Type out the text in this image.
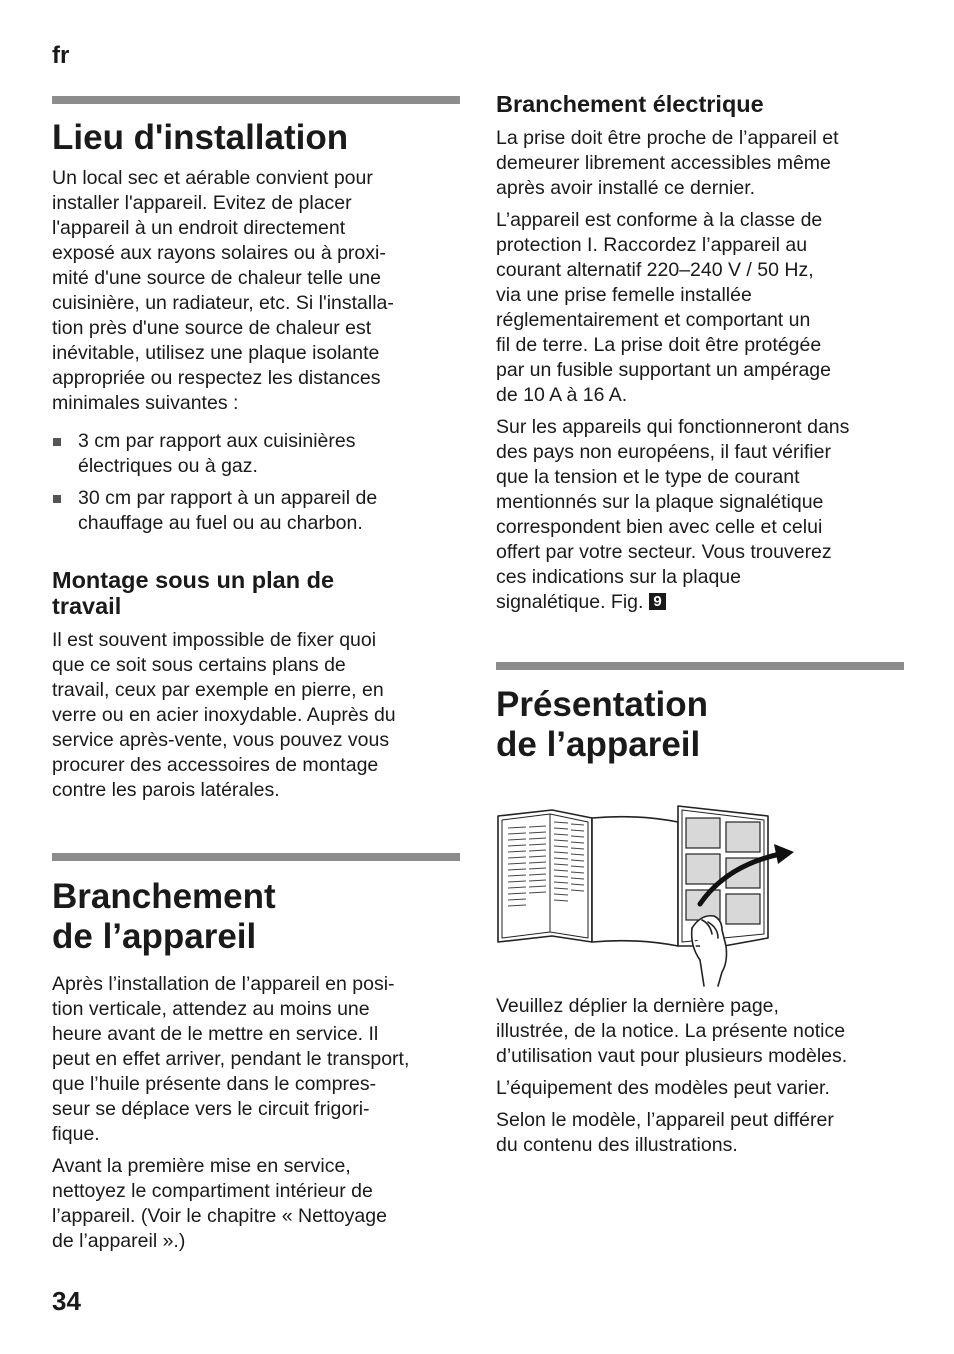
fr
Lieu d'installation

Un local sec et aérable convient pour

installer l'appareil. Evitez de placer

l'appareil à un endroit directement

exposé aux rayons solaires ou à proxi-

mité d'une source de chaleur telle une

cuisinière, un radiateur, etc. Si l'installa-

tion près d'une source de chaleur est

inévitable, utilisez une plaque isolante

appropriée ou respectez les distances

minimales suivantes :

3 cm par rapport aux cuisinières
électriques ou à gaz.
30 cm par rapport à un appareil de
chauffage au fuel ou au charbon.
Montage sous un plan de
travail

Il est souvent impossible de fixer quoi

que ce soit sous certains plans de

travail, ceux par exemple en pierre, en

verre ou en acier inoxydable. Auprès du

service après-vente, vous pouvez vous

procurer des accessoires de montage

contre les parois latérales.

Branchement
de l’appareil

Après l’installation de l’appareil en posi-

tion verticale, attendez au moins une

heure avant de le mettre en service. Il

peut en effet arriver, pendant le transport,

que l’huile présente dans le compres-

seur se déplace vers le circuit frigori-

fique.

Avant la première mise en service,

nettoyez le compartiment intérieur de

l’appareil. (Voir le chapitre « Nettoyage

de l’appareil ».)

Branchement électrique

La prise doit être proche de l’appareil et

demeurer librement accessibles même

après avoir installé ce dernier.

L’appareil est conforme à la classe de

protection I. Raccordez l’appareil au

courant alternatif 220–240 V / 50 Hz,

via une prise femelle installée

réglementairement et comportant un

fil de terre. La prise doit être protégée

par un fusible supportant un ampérage

de 10 A à 16 A.

Sur les appareils qui fonctionneront dans

des pays non européens, il faut vérifier

que la tension et le type de courant

mentionnés sur la plaque signalétique

correspondent bien avec celle et celui

offert par votre secteur. Vous trouverez

ces indications sur la plaque

signalétique. Fig. 9

Présentation
de l’appareil

Veuillez déplier la dernière page,

illustrée, de la notice. La présente notice

d’utilisation vaut pour plusieurs modèles.

L’équipement des modèles peut varier.

Selon le modèle, l’appareil peut différer

du contenu des illustrations.

34
